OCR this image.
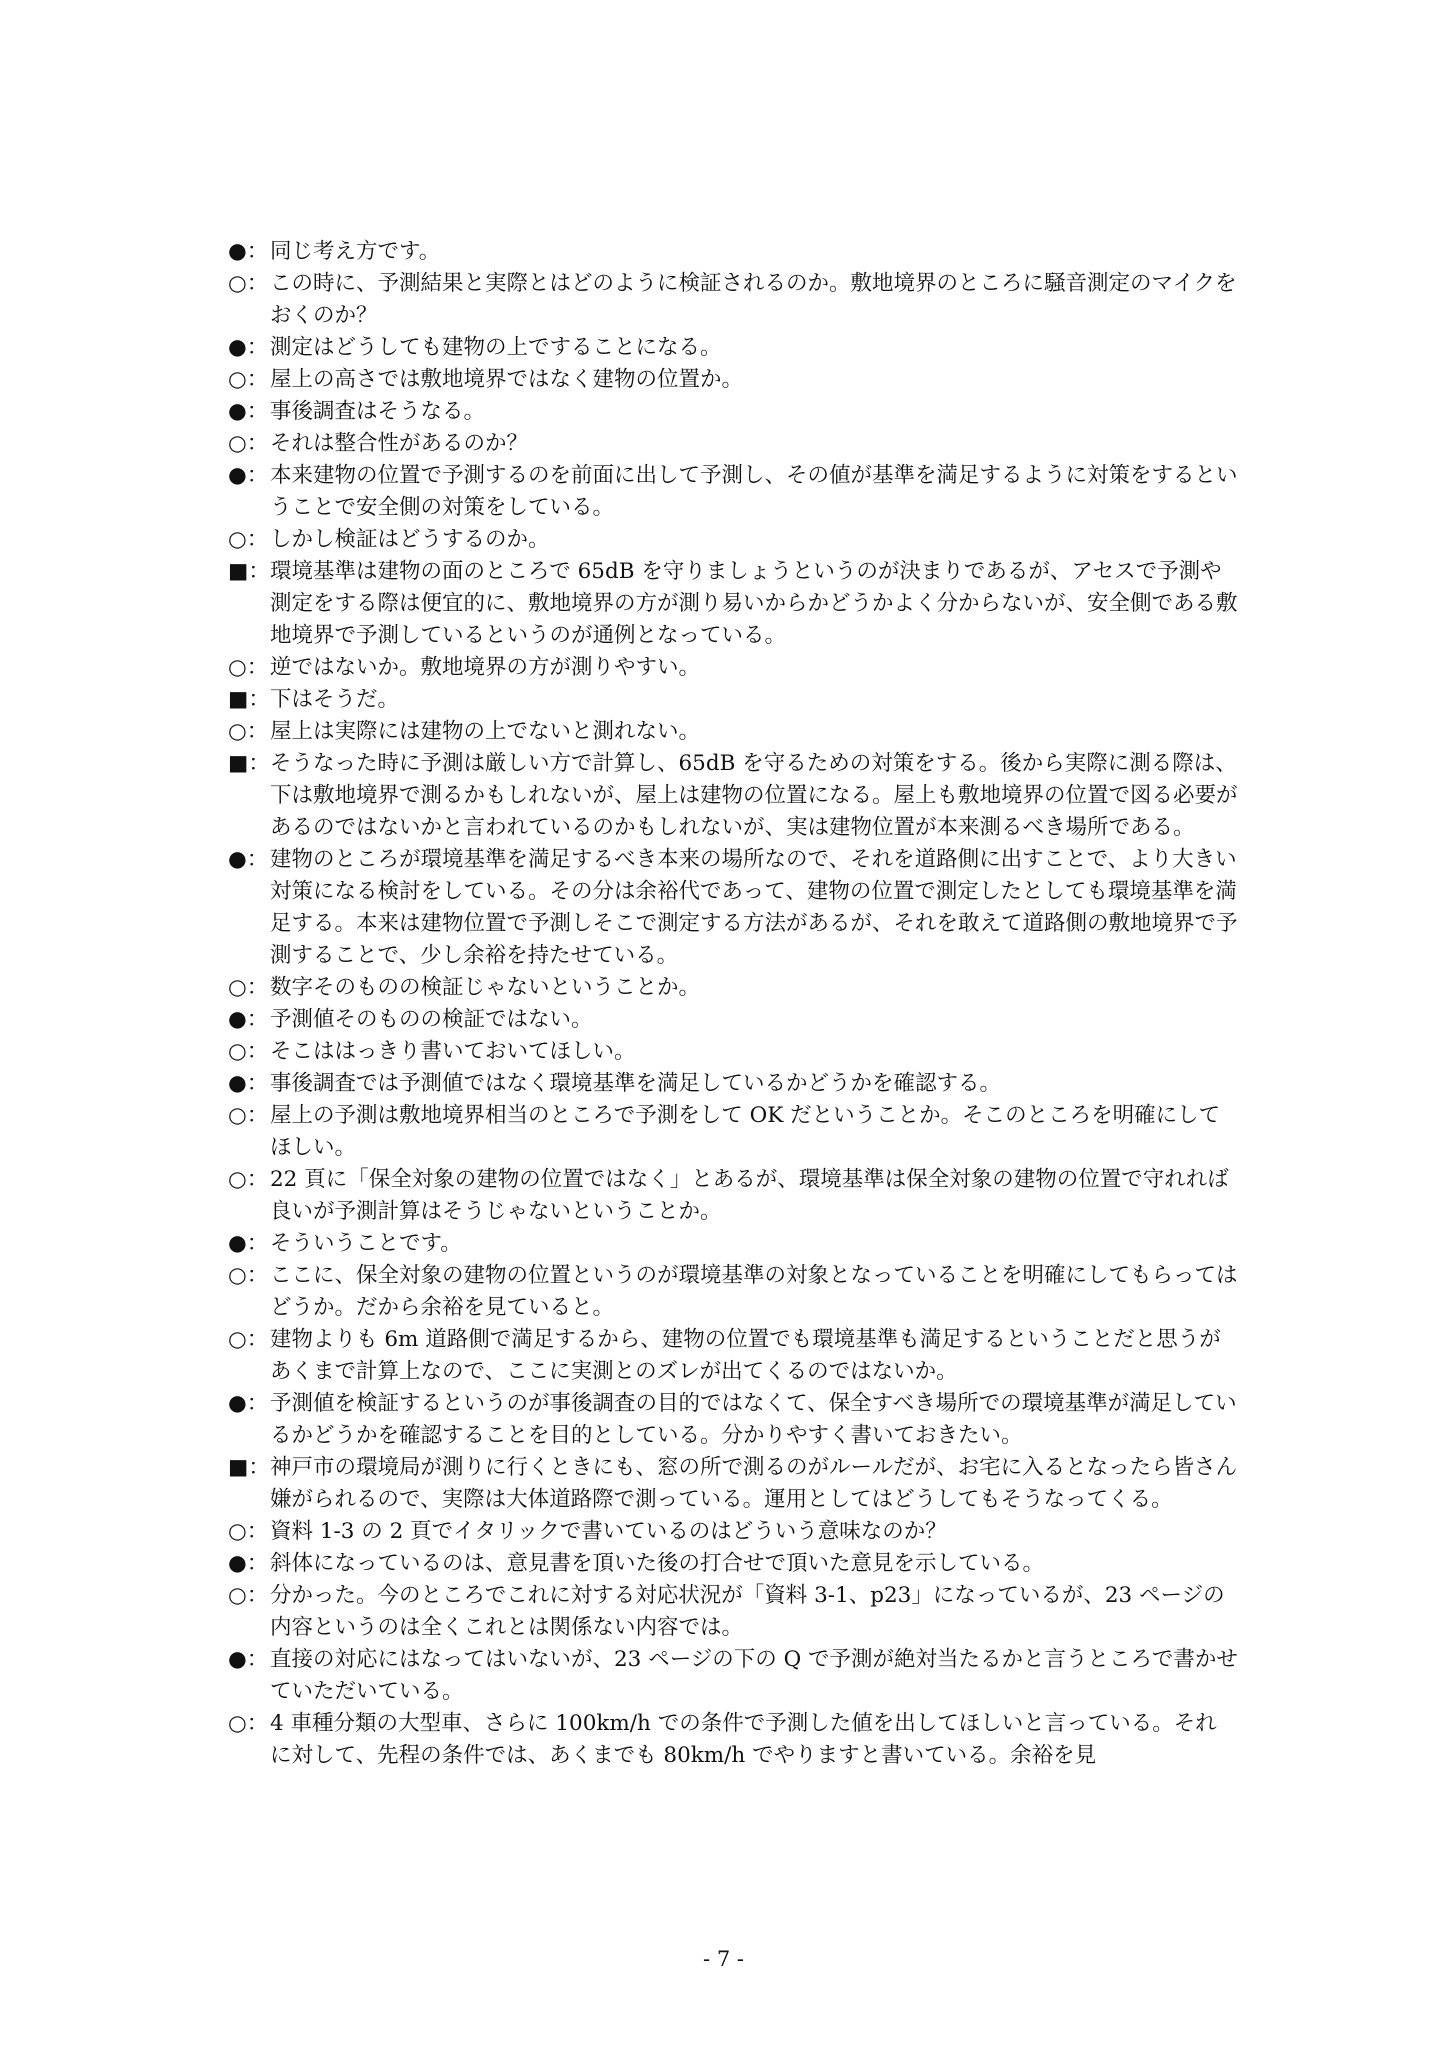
●： 同じ考え方です。
○： この時に、予測結果と実際とはどのように検証されるのか。敷地境界のところに騒音測定のマイクをおくのか？
●： 測定はどうしても建物の上ですることになる。
○： 屋上の高さでは敷地境界ではなく建物の位置か。
●： 事後調査はそうなる。
○： それは整合性があるのか？
●： 本来建物の位置で予測するのを前面に出して予測し、その値が基準を満足するように対策をするということで安全側の対策をしている。
○： しかし検証はどうするのか。
■： 環境基準は建物の面のところで 65dB を守りましょうというのが決まりであるが、アセスで予測や測定をする際は便宜的に、敷地境界の方が測り易いからかどうかよく分からないが、安全側である敷地境界で予測しているというのが通例となっている。
○： 逆ではないか。敷地境界の方が測りやすい。
■： 下はそうだ。
○： 屋上は実際には建物の上でないと測れない。
■： そうなった時に予測は厳しい方で計算し、65dB を守るための対策をする。後から実際に測る際は、下は敷地境界で測るかもしれないが、屋上は建物の位置になる。屋上も敷地境界の位置で図る必要があるのではないかと言われているのかもしれないが、実は建物位置が本来測るべき場所である。
●： 建物のところが環境基準を満足するべき本来の場所なので、それを道路側に出すことで、より大きい対策になる検討をしている。その分は余裕代であって、建物の位置で測定したとしても環境基準を満足する。本来は建物位置で予測しそこで測定する方法があるが、それを敢えて道路側の敷地境界で予測することで、少し余裕を持たせている。
○： 数字そのものの検証じゃないということか。
●： 予測値そのものの検証ではない。
○： そこははっきり書いておいてほしい。
●： 事後調査では予測値ではなく環境基準を満足しているかどうかを確認する。
○： 屋上の予測は敷地境界相当のところで予測をして OK だということか。そこのところを明確にしてほしい。
○： 22 頁に「保全対象の建物の位置ではなく」とあるが、環境基準は保全対象の建物の位置で守れれば良いが予測計算はそうじゃないということか。
●： そういうことです。
○： ここに、保全対象の建物の位置というのが環境基準の対象となっていることを明確にしてもらってはどうか。だから余裕を見ていると。
○： 建物よりも 6m 道路側で満足するから、建物の位置でも環境基準も満足するということだと思うがあくまで計算上なので、ここに実測とのズレが出てくるのではないか。
●： 予測値を検証するというのが事後調査の目的ではなくて、保全すべき場所での環境基準が満足しているかどうかを確認することを目的としている。分かりやすく書いておきたい。
■： 神戸市の環境局が測りに行くときにも、窓の所で測るのがルールだが、お宅に入るとなったら皆さん嫌がられるので、実際は大体道路際で測っている。運用としてはどうしてもそうなってくる。
○： 資料 1-3 の 2 頁でイタリックで書いているのはどういう意味なのか？
●： 斜体になっているのは、意見書を頂いた後の打合せで頂いた意見を示している。
○： 分かった。今のところでこれに対する対応状況が「資料 3-1、p23」になっているが、23 ページの内容というのは全くこれとは関係ない内容では。
●： 直接の対応にはなってはいないが、23 ページの下の Q で予測が絶対当たるかと言うところで書かせていただいている。
○： 4 車種分類の大型車、さらに 100km/h での条件で予測した値を出してほしいと言っている。それに対して、先程の条件では、あくまでも 80km/h でやりますと書いている。余裕を見
- 7 -
